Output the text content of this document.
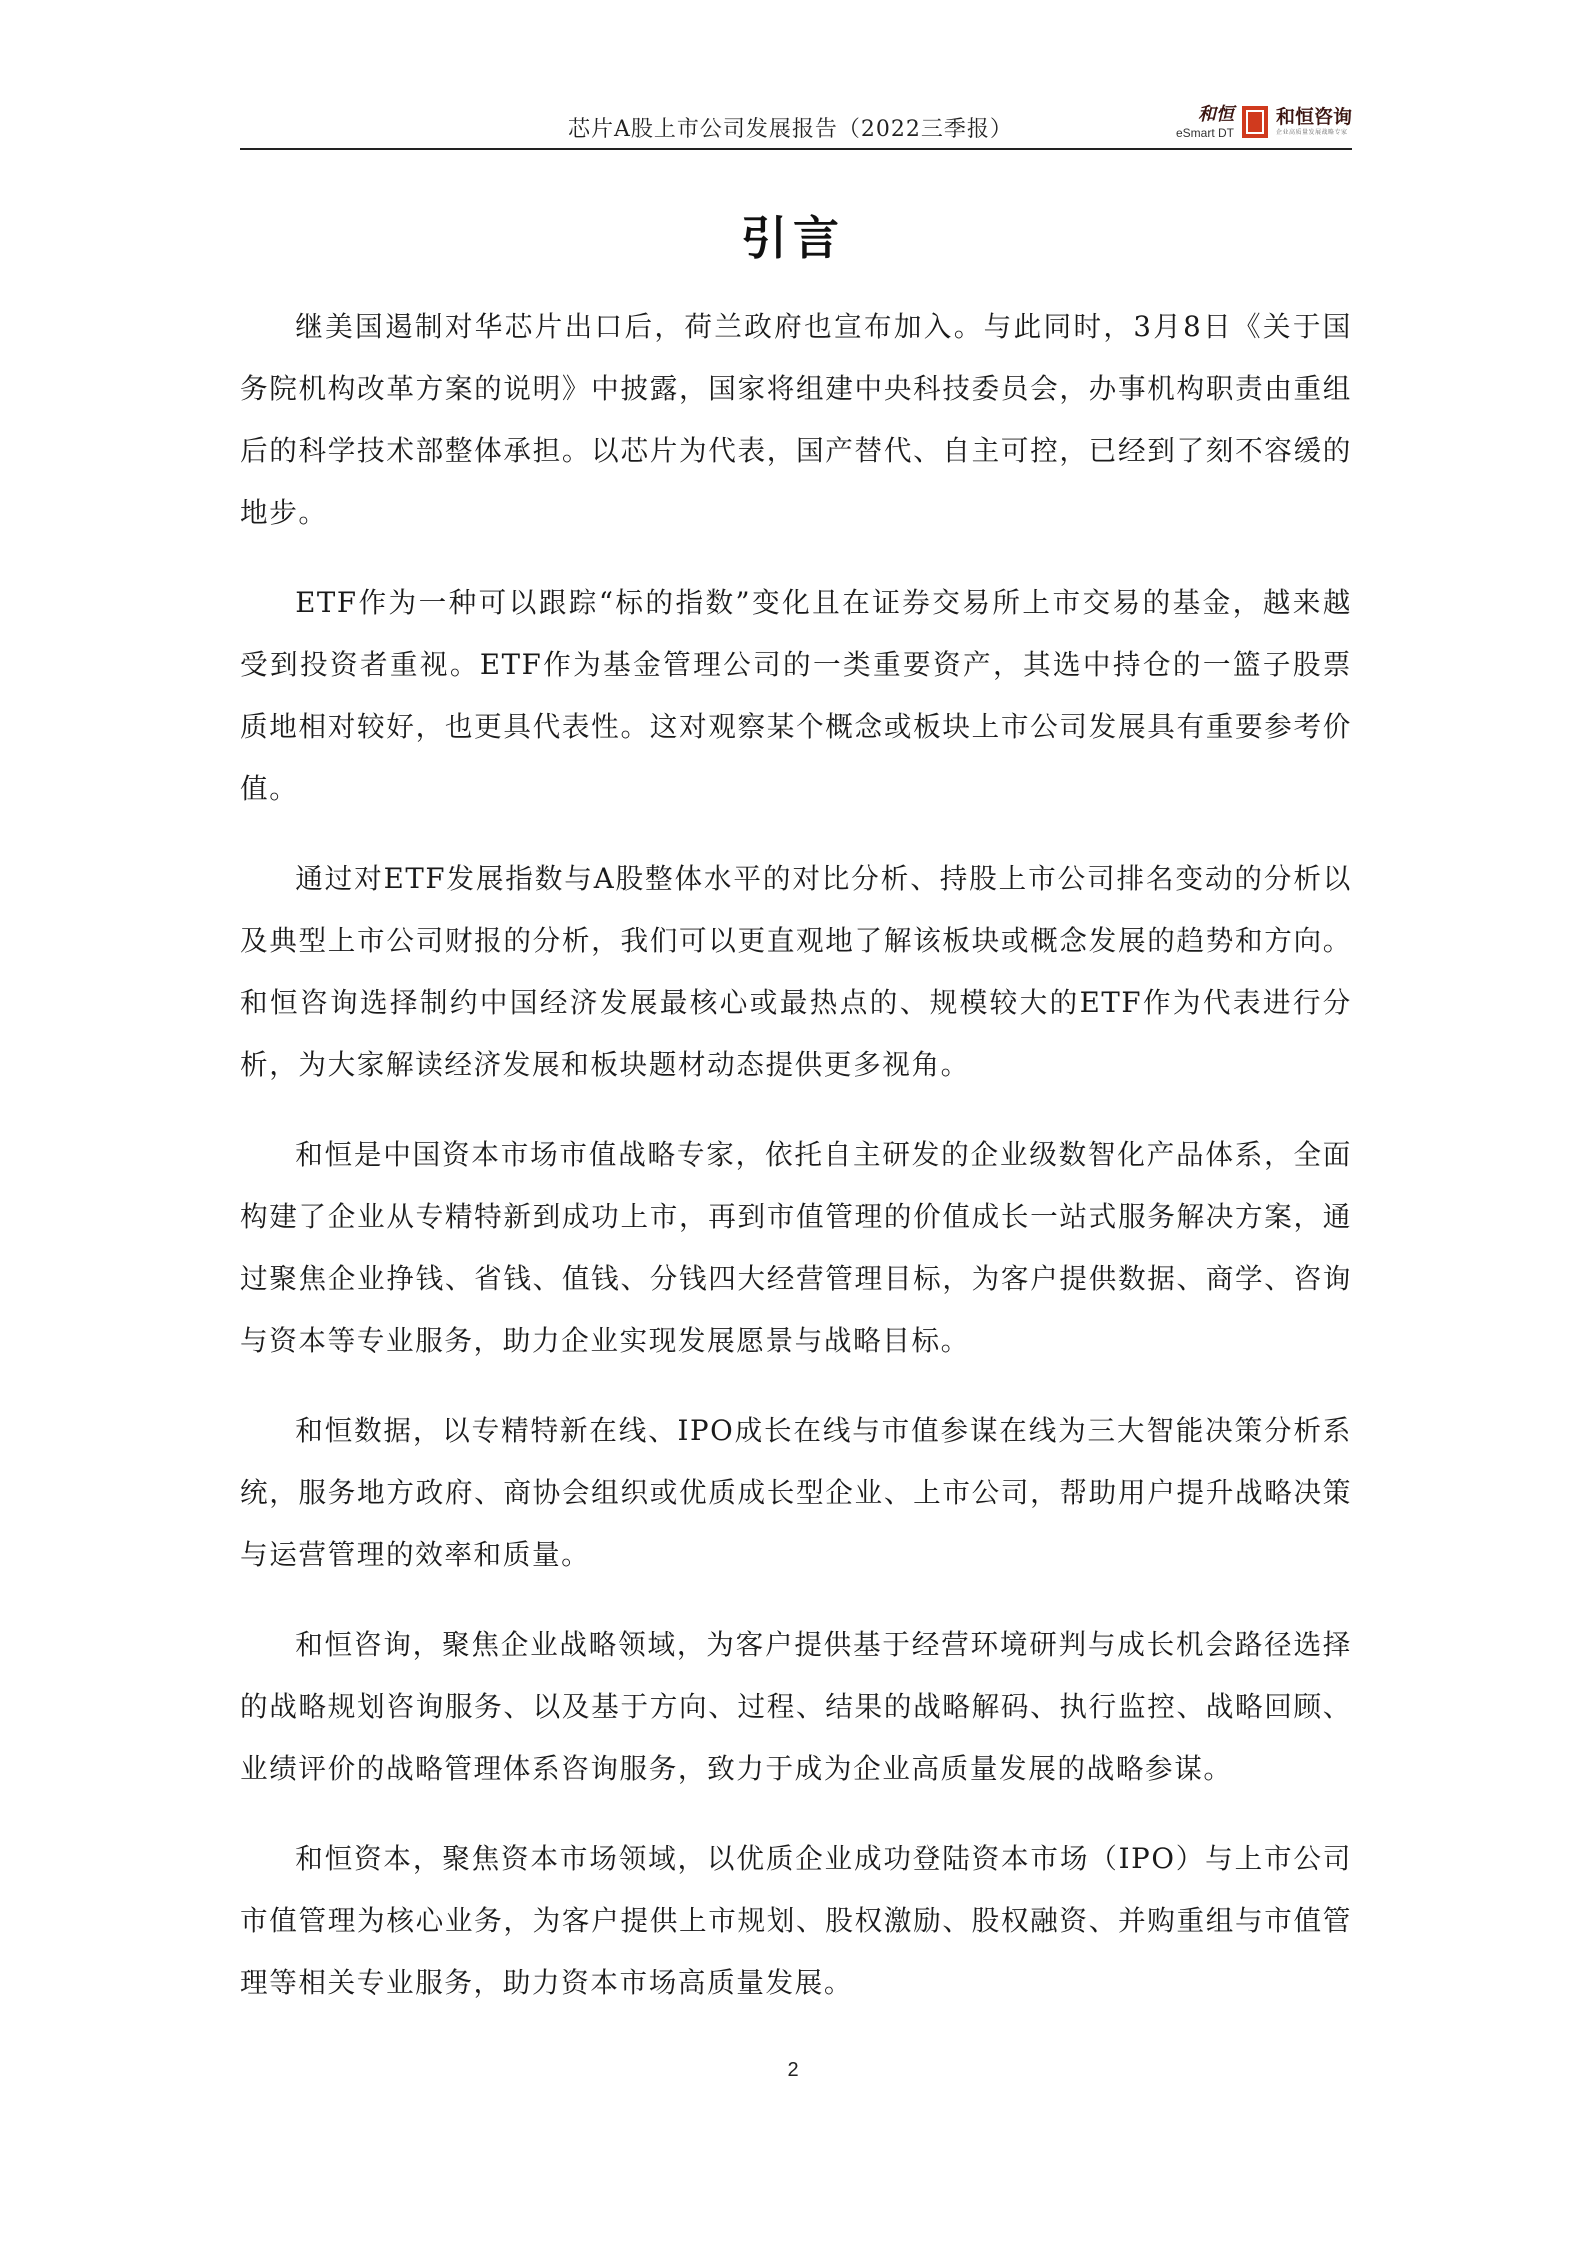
芯片A股上市公司发展报告（2022三季报）
和恒
eSmart DT
和恒咨询
企业高质量发展战略专家
引言

继美国遏制对华芯片出口后，荷兰政府也宣布加入。与此同时，3月8日《关于国务院机构改革方案的说明》中披露，国家将组建中央科技委员会，办事机构职责由重组后的科学技术部整体承担。以芯片为代表，国产替代、自主可控，已经到了刻不容缓的地步。

ETF作为一种可以跟踪“标的指数”变化且在证券交易所上市交易的基金，越来越受到投资者重视。ETF作为基金管理公司的一类重要资产，其选中持仓的一篮子股票质地相对较好，也更具代表性。这对观察某个概念或板块上市公司发展具有重要参考价值。

通过对ETF发展指数与A股整体水平的对比分析、持股上市公司排名变动的分析以及典型上市公司财报的分析，我们可以更直观地了解该板块或概念发展的趋势和方向。和恒咨询选择制约中国经济发展最核心或最热点的、规模较大的ETF作为代表进行分析，为大家解读经济发展和板块题材动态提供更多视角。

和恒是中国资本市场市值战略专家，依托自主研发的企业级数智化产品体系，全面构建了企业从专精特新到成功上市，再到市值管理的价值成长一站式服务解决方案，通过聚焦企业挣钱、省钱、值钱、分钱四大经营管理目标，为客户提供数据、商学、咨询与资本等专业服务，助力企业实现发展愿景与战略目标。

和恒数据，以专精特新在线、IPO成长在线与市值参谋在线为三大智能决策分析系统，服务地方政府、商协会组织或优质成长型企业、上市公司，帮助用户提升战略决策与运营管理的效率和质量。

和恒咨询，聚焦企业战略领域，为客户提供基于经营环境研判与成长机会路径选择的战略规划咨询服务、以及基于方向、过程、结果的战略解码、执行监控、战略回顾、业绩评价的战略管理体系咨询服务，致力于成为企业高质量发展的战略参谋。

和恒资本，聚焦资本市场领域，以优质企业成功登陆资本市场（IPO）与上市公司市值管理为核心业务，为客户提供上市规划、股权激励、股权融资、并购重组与市值管理等相关专业服务，助力资本市场高质量发展。

2
